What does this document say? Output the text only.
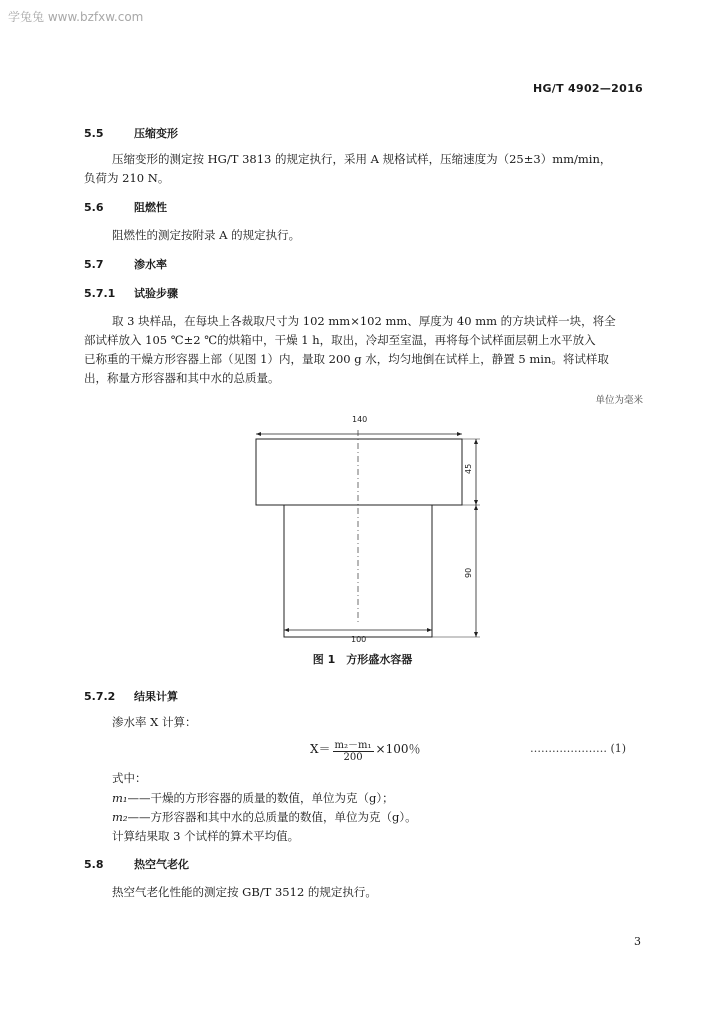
学兔兔 www.bzfxw.com
HG/T 4902—2016
5.5	压缩变形
压缩变形的测定按 HG/T 3813 的规定执行，采用 A 规格试样，压缩速度为（25±3）mm/min，
负荷为 210 N。
5.6	阻燃性
阻燃性的测定按附录 A 的规定执行。
5.7	渗水率
5.7.1 试验步骤
取 3 块样品，在每块上各裁取尺寸为 102 mm×102 mm、厚度为 40 mm 的方块试样一块，将全
部试样放入 105 ℃±2 ℃的烘箱中，干燥 1 h，取出，冷却至室温，再将每个试样面层朝上水平放入
已称重的干燥方形容器上部（见图 1）内，量取 200 g 水，均匀地倒在试样上，静置 5 min。将试样取
出，称量方形容器和其中水的总质量。
单位为毫米
140
45
90
100
图 1　方形盛水容器
5.7.2 结果计算
渗水率 X 计算：
$X= \frac{\text{m₂－m₁}}{200} \times 100$％	………………… (1)
式中：
m₁——干燥的方形容器的质量的数值，单位为克（g）；
m₂——方形容器和其中水的总质量的数值，单位为克（g）。
计算结果取 3 个试样的算术平均值。
5.8	热空气老化
热空气老化性能的测定按 GB/T 3512 的规定执行。
3
